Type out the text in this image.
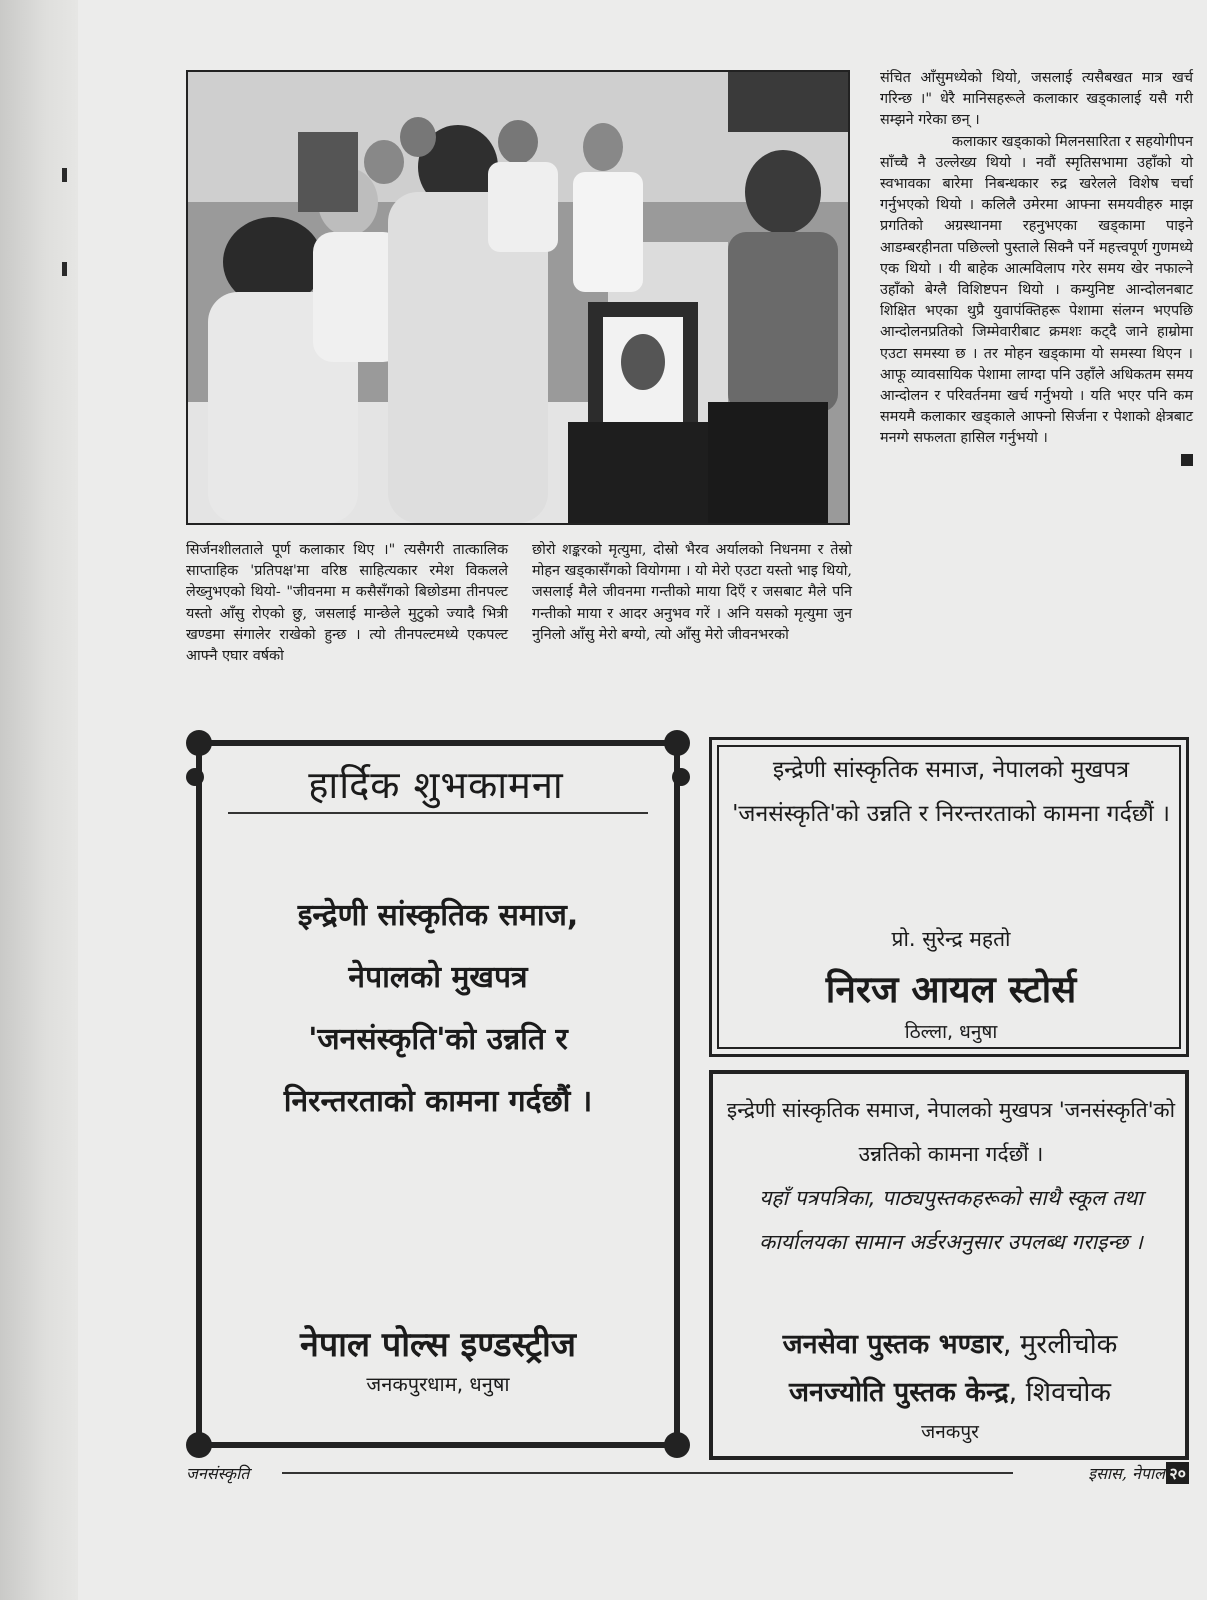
सिर्जनशीलताले पूर्ण कलाकार थिए ।" त्यसैगरी तात्कालिक साप्ताहिक 'प्रतिपक्ष'मा वरिष्ठ साहित्यकार रमेश विकलले लेख्नुभएको थियो- "जीवनमा म कसैसँगको बिछोडमा तीनपल्ट यस्तो आँसु रोएको छु, जसलाई मान्छेले मुटुको ज्यादै भित्री खण्डमा संगालेर राखेको हुन्छ । त्यो तीनपल्टमध्ये एकपल्ट आफ्नै एघार वर्षको

छोरो शङ्करको मृत्युमा, दोस्रो भैरव अर्यालको निधनमा र तेस्रो मोहन खड्कासँगको वियोगमा । यो मेरो एउटा यस्तो भाइ थियो, जसलाई मैले जीवनमा गन्तीको माया दिएँ र जसबाट मैले पनि गन्तीको माया र आदर अनुभव गरें । अनि यसको मृत्युमा जुन नुनिलो आँसु मेरो बग्यो, त्यो आँसु मेरो जीवनभरको

संचित आँसुमध्येको थियो, जसलाई त्यसैबखत मात्र खर्च गरिन्छ ।" धेरै मानिसहरूले कलाकार खड्कालाई यसै गरी सम्झने गरेका छन् ।

कलाकार खड्काको मिलनसारिता र सहयोगीपन साँच्चै नै उल्लेख्य थियो । नवौं स्मृतिसभामा उहाँको यो स्वभावका बारेमा निबन्धकार रुद्र खरेलले विशेष चर्चा गर्नुभएको थियो । कलिलै उमेरमा आफ्ना समयवीहरु माझ प्रगतिको अग्रस्थानमा रहनुभएका खड्कामा पाइने आडम्बरहीनता पछिल्लो पुस्ताले सिक्नै पर्ने महत्त्वपूर्ण गुणमध्ये एक थियो । यी बाहेक आत्मविलाप गरेर समय खेर नफाल्ने उहाँको बेग्लै विशिष्टपन थियो । कम्युनिष्ट आन्दोलनबाट शिक्षित भएका थुप्रै युवापंक्तिहरू पेशामा संलग्न भएपछि आन्दोलनप्रतिको जिम्मेवारीबाट क्रमशः कट्दै जाने हाम्रोमा एउटा समस्या छ । तर मोहन खड्कामा यो समस्या थिएन । आफू व्यावसायिक पेशामा लाग्दा पनि उहाँले अधिकतम समय आन्दोलन र परिवर्तनमा खर्च गर्नुभयो । यति भएर पनि कम समयमै कलाकार खड्काले आफ्नो सिर्जना र पेशाको क्षेत्रबाट मनग्गे सफलता हासिल गर्नुभयो ।

हार्दिक शुभकामना
इन्द्रेणी सांस्कृतिक समाज,
नेपालको मुखपत्र
'जनसंस्कृति'को उन्नति र
निरन्तरताको कामना गर्दछौं ।
नेपाल पोल्स इण्डस्ट्रीज
जनकपुरधाम, धनुषा
इन्द्रेणी सांस्कृतिक समाज, नेपालको मुखपत्र 'जनसंस्कृति'को उन्नति र निरन्तरताको कामना गर्दछौं ।
प्रो. सुरेन्द्र महतो
निरज आयल स्टोर्स
ठिल्ला, धनुषा
इन्द्रेणी सांस्कृतिक समाज, नेपालको मुखपत्र 'जनसंस्कृति'को उन्नतिको कामना गर्दछौं ।
यहाँ पत्रपत्रिका, पाठ्यपुस्तकहरूको साथै स्कूल तथा कार्यालयका सामान अर्डरअनुसार उपलब्ध गराइन्छ ।
जनसेवा पुस्तक भण्डार, मुरलीचोक
जनज्योति पुस्तक केन्द्र, शिवचोक
जनकपुर
जनसंस्कृति	इसास, नेपाल २०
